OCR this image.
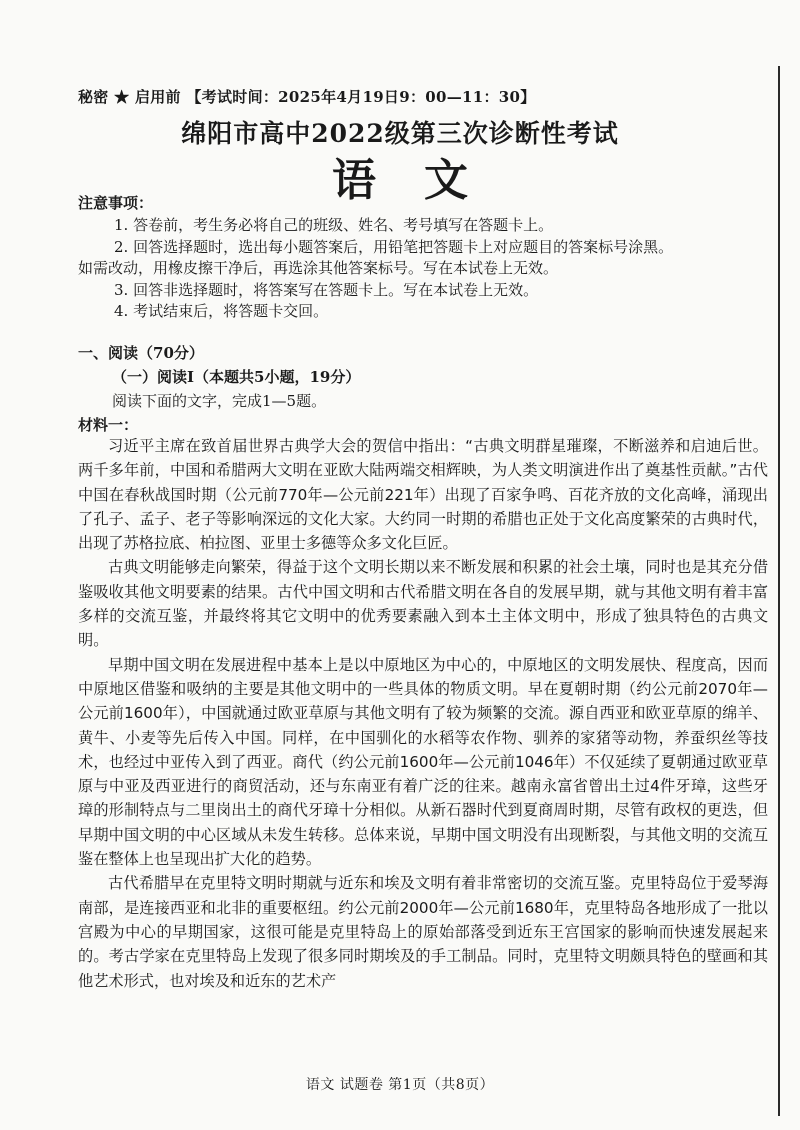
秘密 ★ 启用前 【考试时间：2025年4月19日9：00—11：30】
绵阳市高中2022级第三次诊断性考试
语文
注意事项：
1. 答卷前，考生务必将自己的班级、姓名、考号填写在答题卡上。
2. 回答选择题时，选出每小题答案后，用铅笔把答题卡上对应题目的答案标号涂黑。
如需改动，用橡皮擦干净后，再选涂其他答案标号。写在本试卷上无效。
3. 回答非选择题时，将答案写在答题卡上。写在本试卷上无效。
4. 考试结束后，将答题卡交回。
一、阅读（70分）
（一）阅读Ⅰ（本题共5小题，19分）
阅读下面的文字，完成1—5题。
材料一：

习近平主席在致首届世界古典学大会的贺信中指出：“古典文明群星璀璨，不断滋养和启迪后世。两千多年前，中国和希腊两大文明在亚欧大陆两端交相辉映，为人类文明演进作出了奠基性贡献。”古代中国在春秋战国时期（公元前770年—公元前221年）出现了百家争鸣、百花齐放的文化高峰，涌现出了孔子、孟子、老子等影响深远的文化大家。大约同一时期的希腊也正处于文化高度繁荣的古典时代，出现了苏格拉底、柏拉图、亚里士多德等众多文化巨匠。

古典文明能够走向繁荣，得益于这个文明长期以来不断发展和积累的社会土壤，同时也是其充分借鉴吸收其他文明要素的结果。古代中国文明和古代希腊文明在各自的发展早期，就与其他文明有着丰富多样的交流互鉴，并最终将其它文明中的优秀要素融入到本土主体文明中，形成了独具特色的古典文明。

早期中国文明在发展进程中基本上是以中原地区为中心的，中原地区的文明发展快、程度高，因而中原地区借鉴和吸纳的主要是其他文明中的一些具体的物质文明。早在夏朝时期（约公元前2070年—公元前1600年），中国就通过欧亚草原与其他文明有了较为频繁的交流。源自西亚和欧亚草原的绵羊、黄牛、小麦等先后传入中国。同样，在中国驯化的水稻等农作物、驯养的家猪等动物，养蚕织丝等技术，也经过中亚传入到了西亚。商代（约公元前1600年—公元前1046年）不仅延续了夏朝通过欧亚草原与中亚及西亚进行的商贸活动，还与东南亚有着广泛的往来。越南永富省曾出土过4件牙璋，这些牙璋的形制特点与二里岗出土的商代牙璋十分相似。从新石器时代到夏商周时期，尽管有政权的更迭，但早期中国文明的中心区域从未发生转移。总体来说，早期中国文明没有出现断裂，与其他文明的交流互鉴在整体上也呈现出扩大化的趋势。

古代希腊早在克里特文明时期就与近东和埃及文明有着非常密切的交流互鉴。克里特岛位于爱琴海南部，是连接西亚和北非的重要枢纽。约公元前2000年—公元前1680年，克里特岛各地形成了一批以宫殿为中心的早期国家，这很可能是克里特岛上的原始部落受到近东王宫国家的影响而快速发展起来的。考古学家在克里特岛上发现了很多同时期埃及的手工制品。同时，克里特文明颇具特色的壁画和其他艺术形式，也对埃及和近东的艺术产

语文 试题卷 第1页（共8页）
